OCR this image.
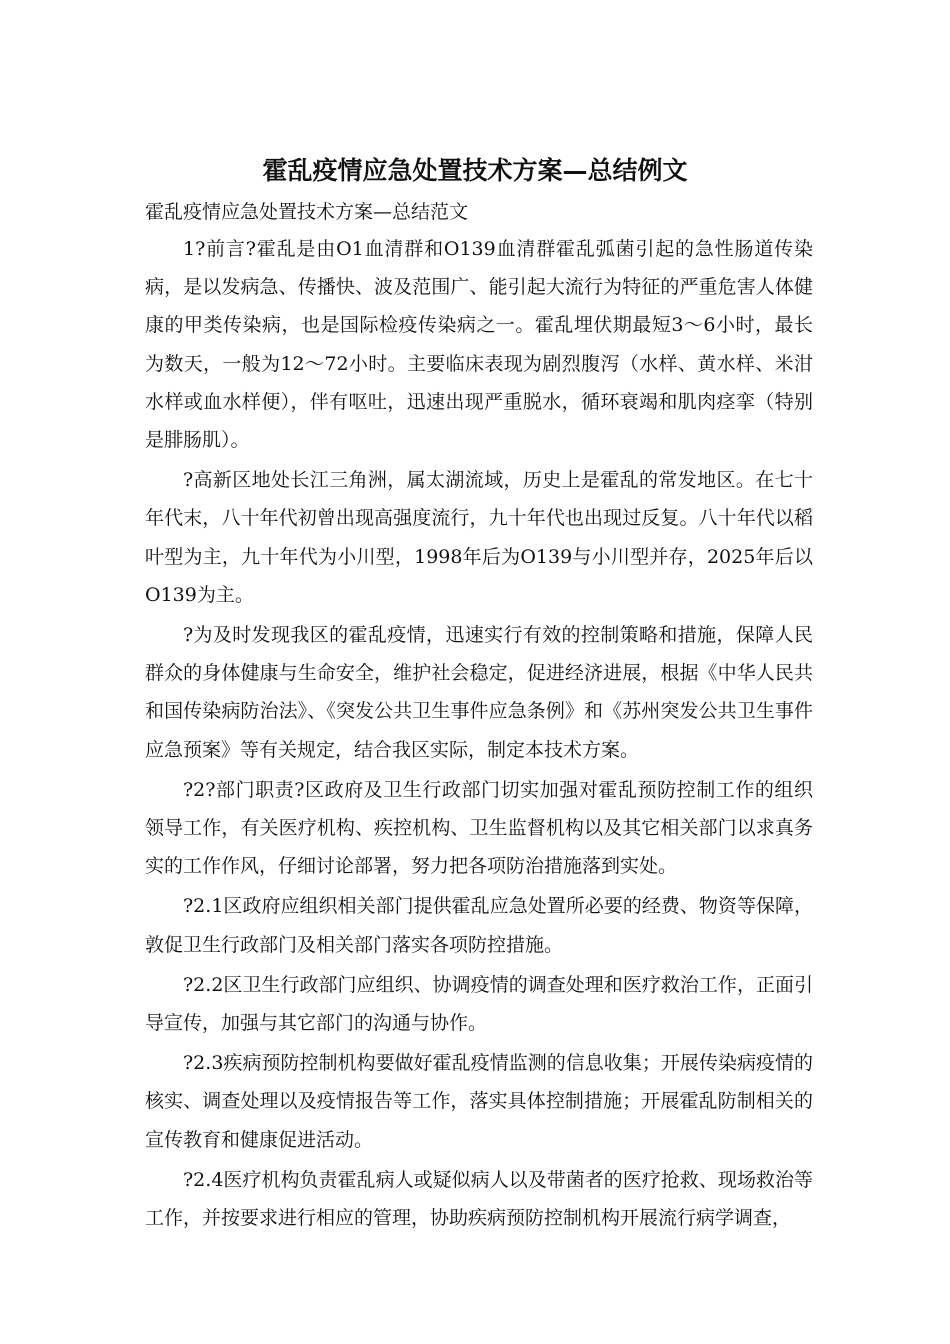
霍乱疫情应急处置技术方案—总结例文
霍乱疫情应急处置技术方案—总结范文

1?前言?霍乱是由O1血清群和O139血清群霍乱弧菌引起的急性肠道传染病，是以发病急、传播快、波及范围广、能引起大流行为特征的严重危害人体健康的甲类传染病，也是国际检疫传染病之一。霍乱埋伏期最短3～6小时，最长为数天，一般为12～72小时。主要临床表现为剧烈腹泻（水样、黄水样、米泔水样或血水样便），伴有呕吐，迅速出现严重脱水，循环衰竭和肌肉痉挛（特别是腓肠肌）。

?高新区地处长江三角洲，属太湖流域，历史上是霍乱的常发地区。在七十年代末，八十年代初曾出现高强度流行，九十年代也出现过反复。八十年代以稻叶型为主，九十年代为小川型，1998年后为O139与小川型并存，2025年后以O139为主。

?为及时发现我区的霍乱疫情，迅速实行有效的控制策略和措施，保障人民群众的身体健康与生命安全，维护社会稳定，促进经济进展，根据《中华人民共和国传染病防治法》、《突发公共卫生事件应急条例》和《苏州突发公共卫生事件应急预案》等有关规定，结合我区实际，制定本技术方案。

?2?部门职责?区政府及卫生行政部门切实加强对霍乱预防控制工作的组织领导工作，有关医疗机构、疾控机构、卫生监督机构以及其它相关部门以求真务实的工作作风，仔细讨论部署，努力把各项防治措施落到实处。

?2.1区政府应组织相关部门提供霍乱应急处置所必要的经费、物资等保障，敦促卫生行政部门及相关部门落实各项防控措施。

?2.2区卫生行政部门应组织、协调疫情的调查处理和医疗救治工作，正面引导宣传，加强与其它部门的沟通与协作。

?2.3疾病预防控制机构要做好霍乱疫情监测的信息收集；开展传染病疫情的核实、调查处理以及疫情报告等工作，落实具体控制措施；开展霍乱防制相关的宣传教育和健康促进活动。

?2.4医疗机构负责霍乱病人或疑似病人以及带菌者的医疗抢救、现场救治等工作，并按要求进行相应的管理，协助疾病预防控制机构开展流行病学调查，
